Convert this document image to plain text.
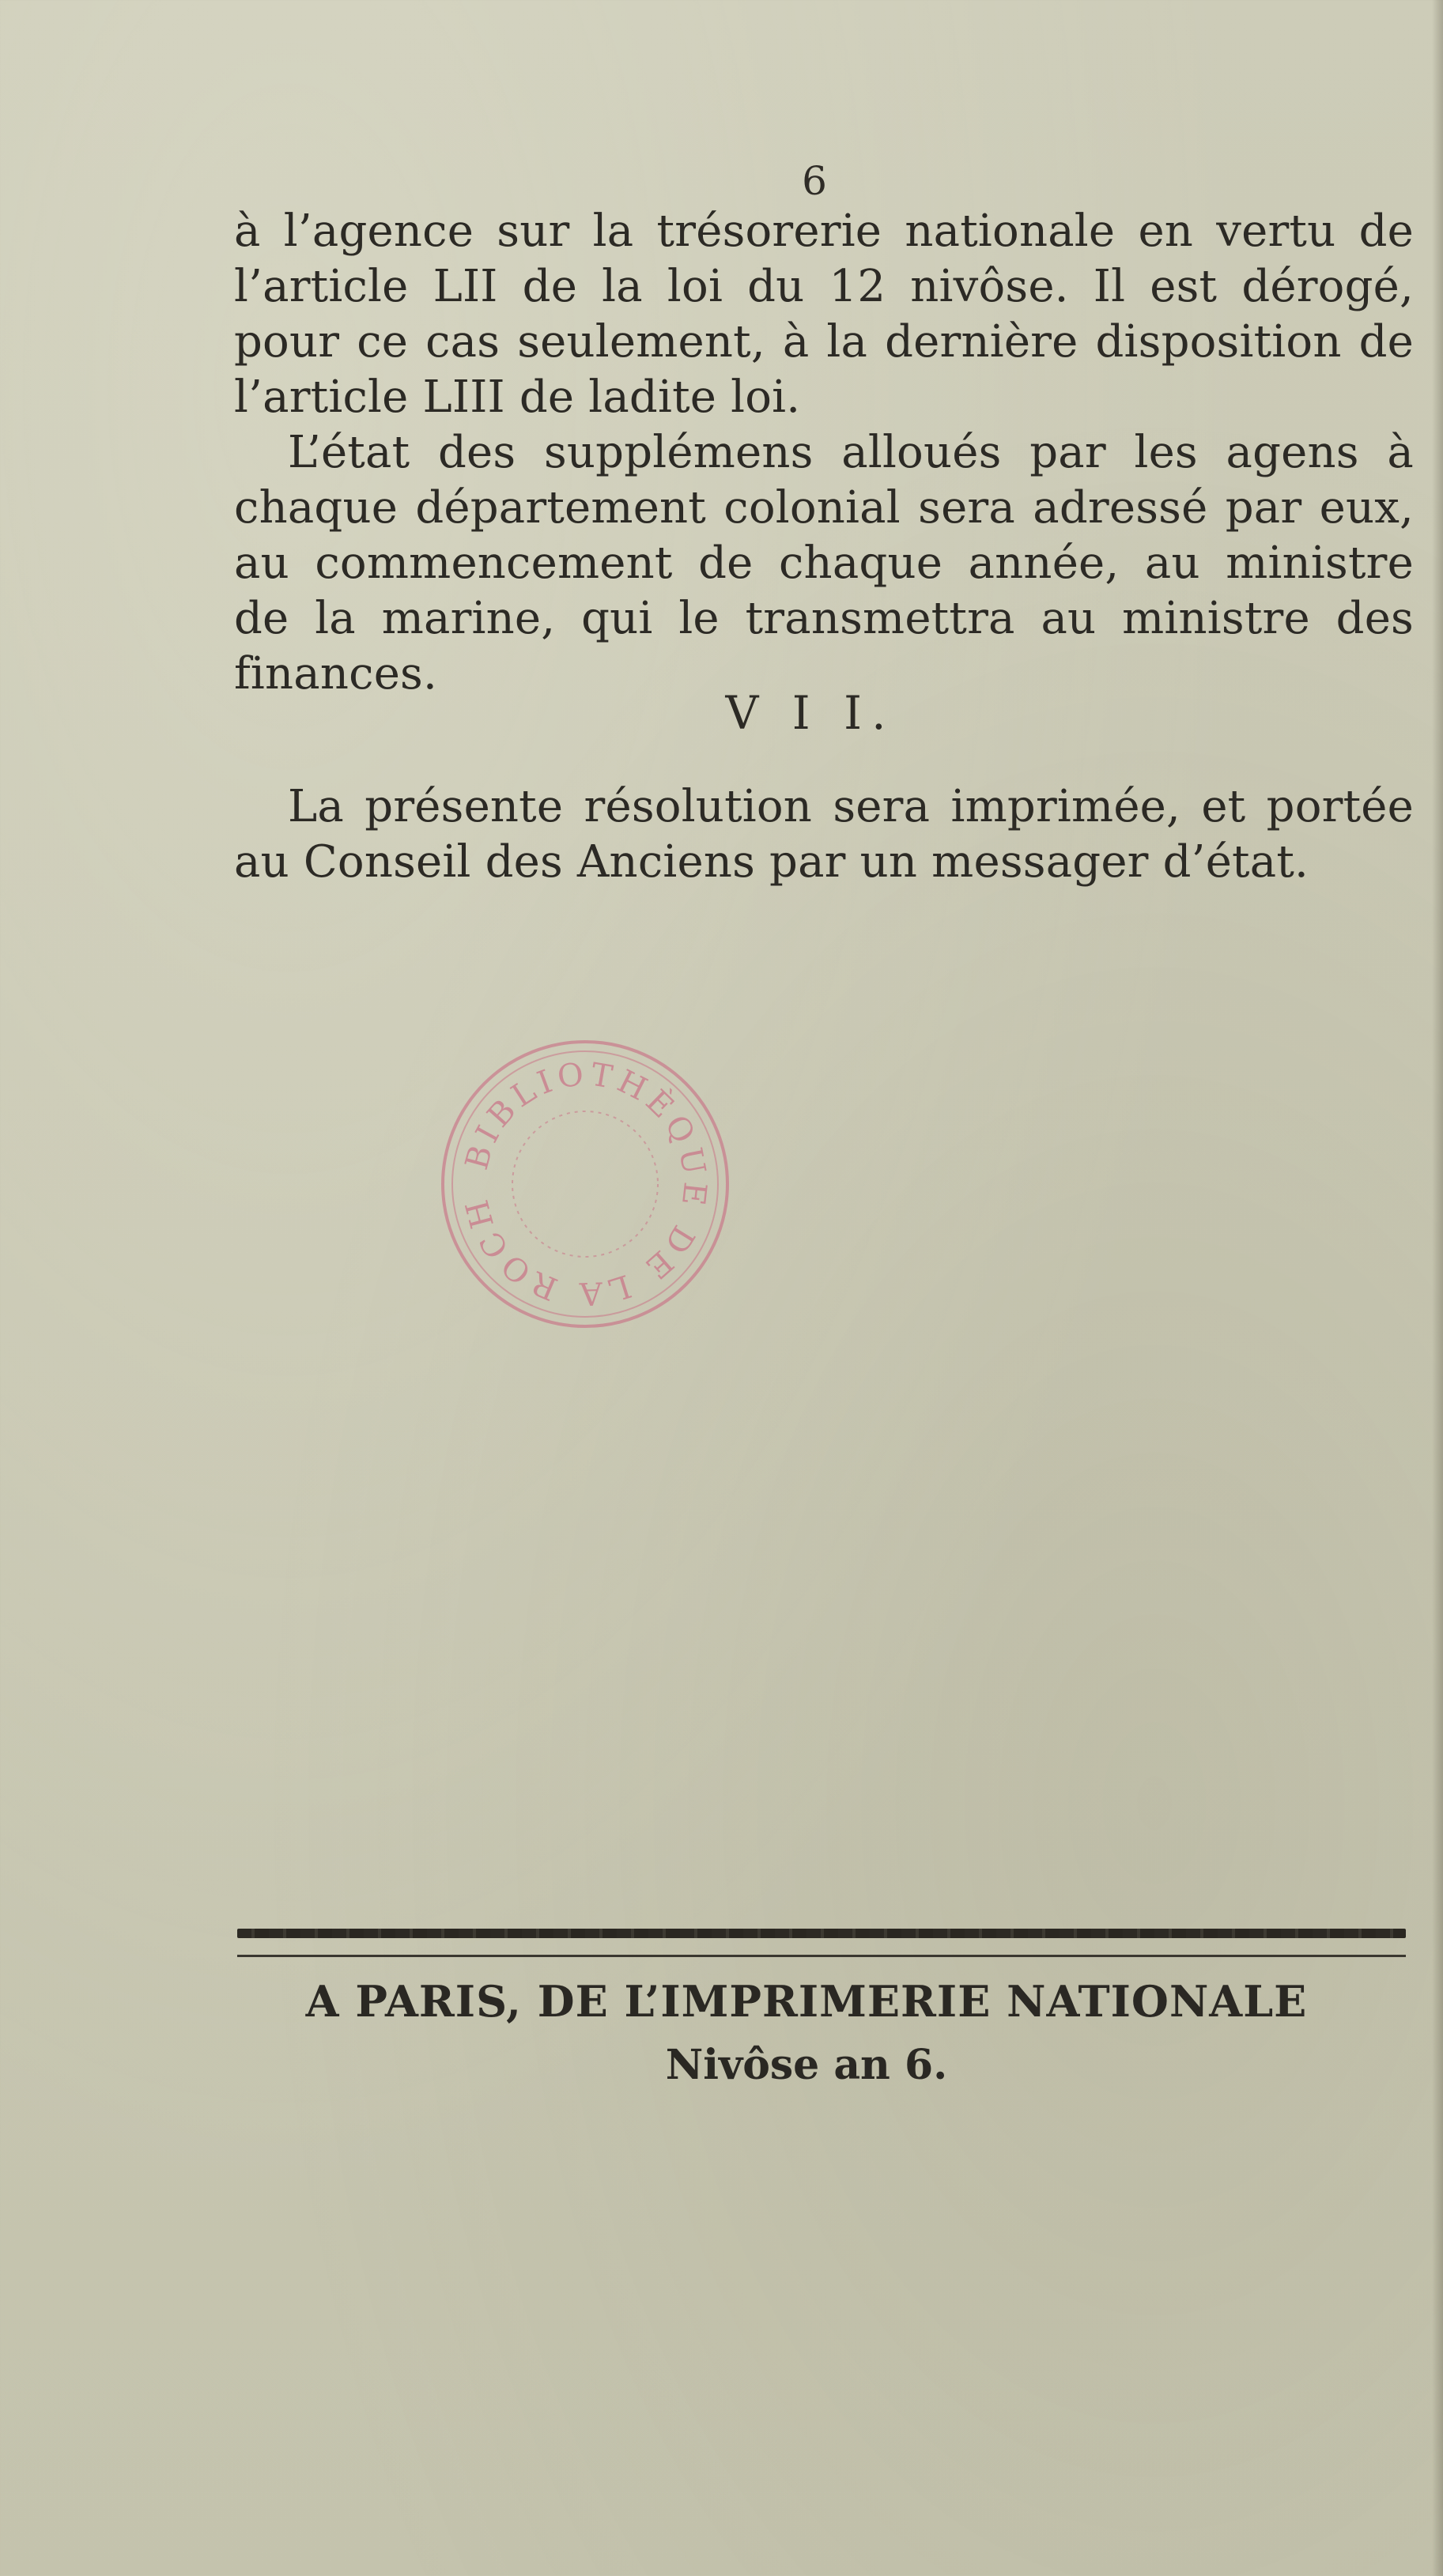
6

à l’agence sur la trésorerie nationale en vertu de l’article LII de la loi du 12 nivôse. Il est dérogé, pour ce cas seulement, à la dernière disposition de l’article LIII de ladite loi.

L’état des supplémens alloués par les agens à chaque département colonial sera adressé par eux, au commencement de chaque année, au ministre de la marine, qui le transmettra au ministre des finances.

V I I.

La présente résolution sera imprimée, et portée au Conseil des Anciens par un messager d’état.

BIBLIOTHÈQUE DE LA ROCH
A PARIS, DE L’IMPRIMERIE NATIONALE
Nivôse an 6.
